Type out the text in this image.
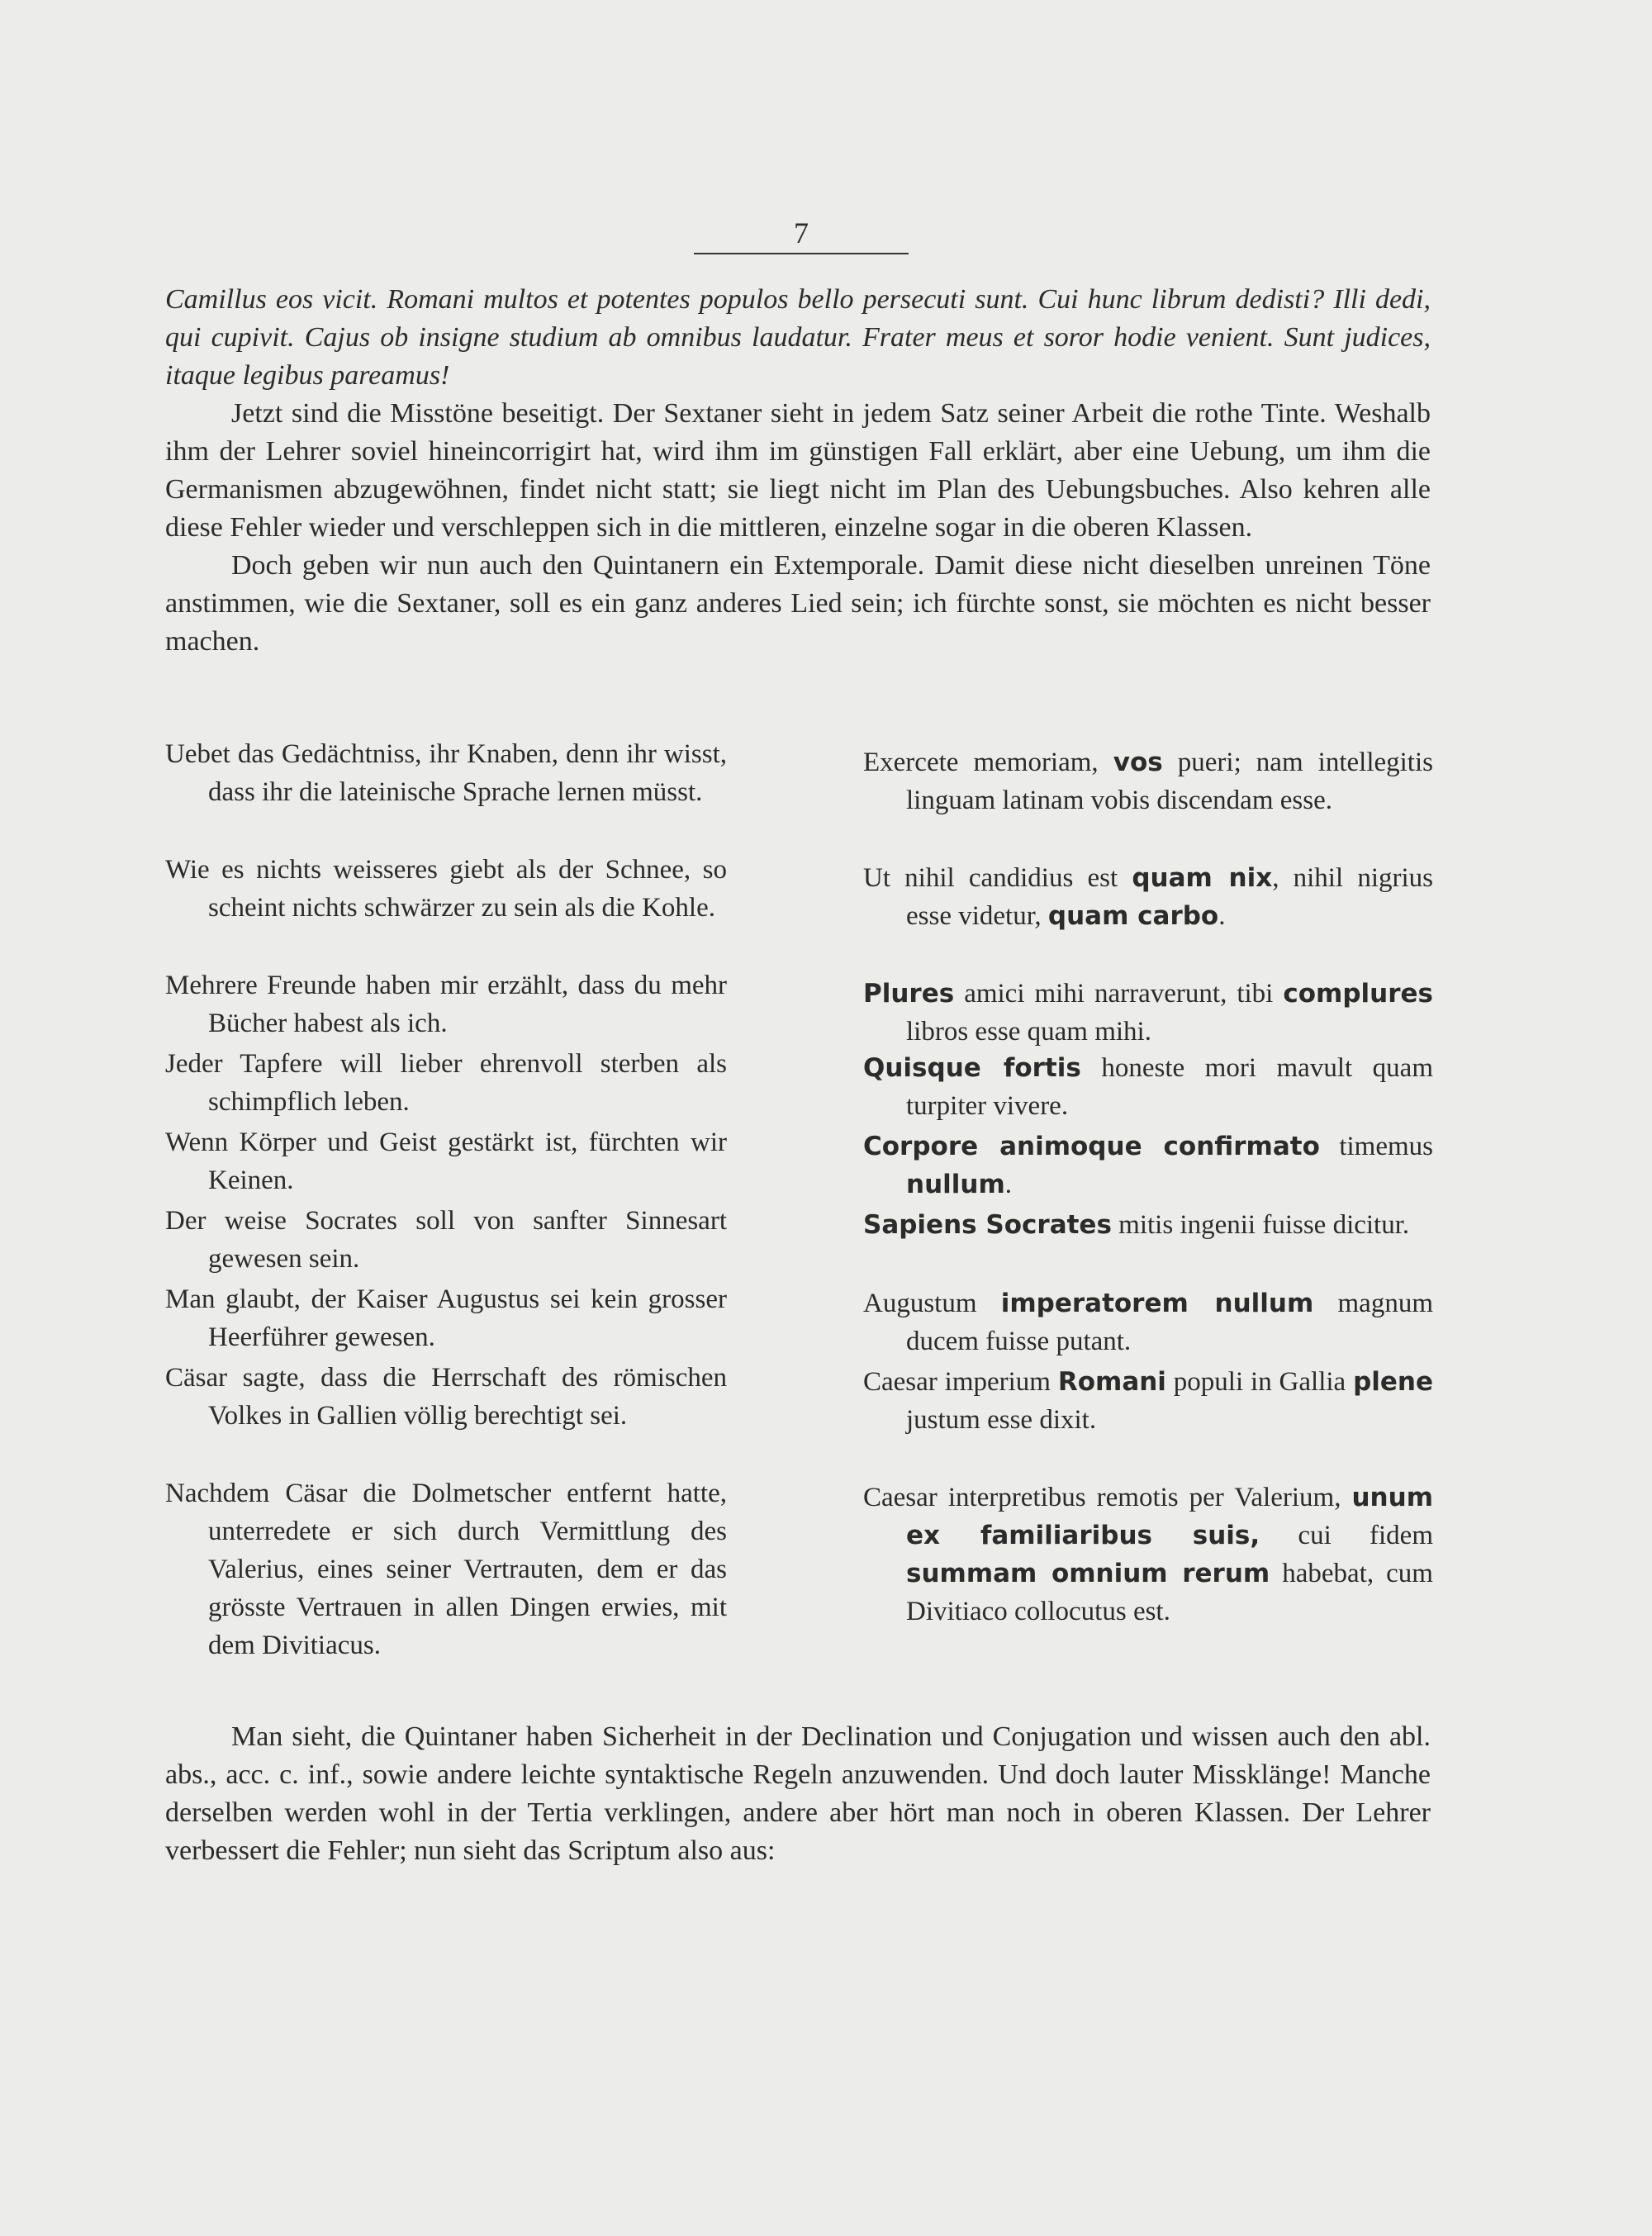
7

Camillus eos vicit. Romani multos et potentes populos bello persecuti sunt. Cui hunc librum dedisti? Illi dedi, qui cupivit. Cajus ob insigne studium ab omnibus laudatur. Frater meus et soror hodie venient. Sunt judices, itaque legibus pareamus!

Jetzt sind die Misstöne beseitigt. Der Sextaner sieht in jedem Satz seiner Arbeit die rothe Tinte. Weshalb ihm der Lehrer soviel hineincorrigirt hat, wird ihm im günstigen Fall erklärt, aber eine Uebung, um ihm die Germanismen abzugewöhnen, findet nicht statt; sie liegt nicht im Plan des Uebungsbuches. Also kehren alle diese Fehler wieder und verschleppen sich in die mittleren, einzelne sogar in die oberen Klassen.

Doch geben wir nun auch den Quintanern ein Extemporale. Damit diese nicht dieselben unreinen Töne anstimmen, wie die Sextaner, soll es ein ganz anderes Lied sein; ich fürchte sonst, sie möchten es nicht besser machen.

Uebet das Gedächtniss, ihr Knaben, denn ihr wisst, dass ihr die lateinische Sprache lernen müsst.

Wie es nichts weisseres giebt als der Schnee, so scheint nichts schwärzer zu sein als die Kohle.

Mehrere Freunde haben mir erzählt, dass du mehr Bücher habest als ich.

Jeder Tapfere will lieber ehrenvoll sterben als schimpflich leben.

Wenn Körper und Geist gestärkt ist, fürchten wir Keinen.

Der weise Socrates soll von sanfter Sinnesart gewesen sein.

Man glaubt, der Kaiser Augustus sei kein grosser Heerführer gewesen.

Cäsar sagte, dass die Herrschaft des römischen Volkes in Gallien völlig berechtigt sei.

Nachdem Cäsar die Dolmetscher entfernt hatte, unterredete er sich durch Vermittlung des Valerius, eines seiner Vertrauten, dem er das grösste Vertrauen in allen Dingen erwies, mit dem Divitiacus.

Exercete memoriam, vos pueri; nam intellegitis linguam latinam vobis discendam esse.

Ut nihil candidius est quam nix, nihil nigrius esse videtur, quam carbo.

Plures amici mihi narraverunt, tibi complures libros esse quam mihi.

Quisque fortis honeste mori mavult quam turpiter vivere.

Corpore animoque confirmato timemus nullum.

Sapiens Socrates mitis ingenii fuisse dicitur.

Augustum imperatorem nullum magnum ducem fuisse putant.

Caesar imperium Romani populi in Gallia plene justum esse dixit.

Caesar interpretibus remotis per Valerium, unum ex familiaribus suis, cui fidem summam omnium rerum habebat, cum Divitiaco collocutus est.

Man sieht, die Quintaner haben Sicherheit in der Declination und Conjugation und wissen auch den abl. abs., acc. c. inf., sowie andere leichte syntaktische Regeln anzuwenden. Und doch lauter Missklänge! Manche derselben werden wohl in der Tertia verklingen, andere aber hört man noch in oberen Klassen. Der Lehrer verbessert die Fehler; nun sieht das Scriptum also aus:
